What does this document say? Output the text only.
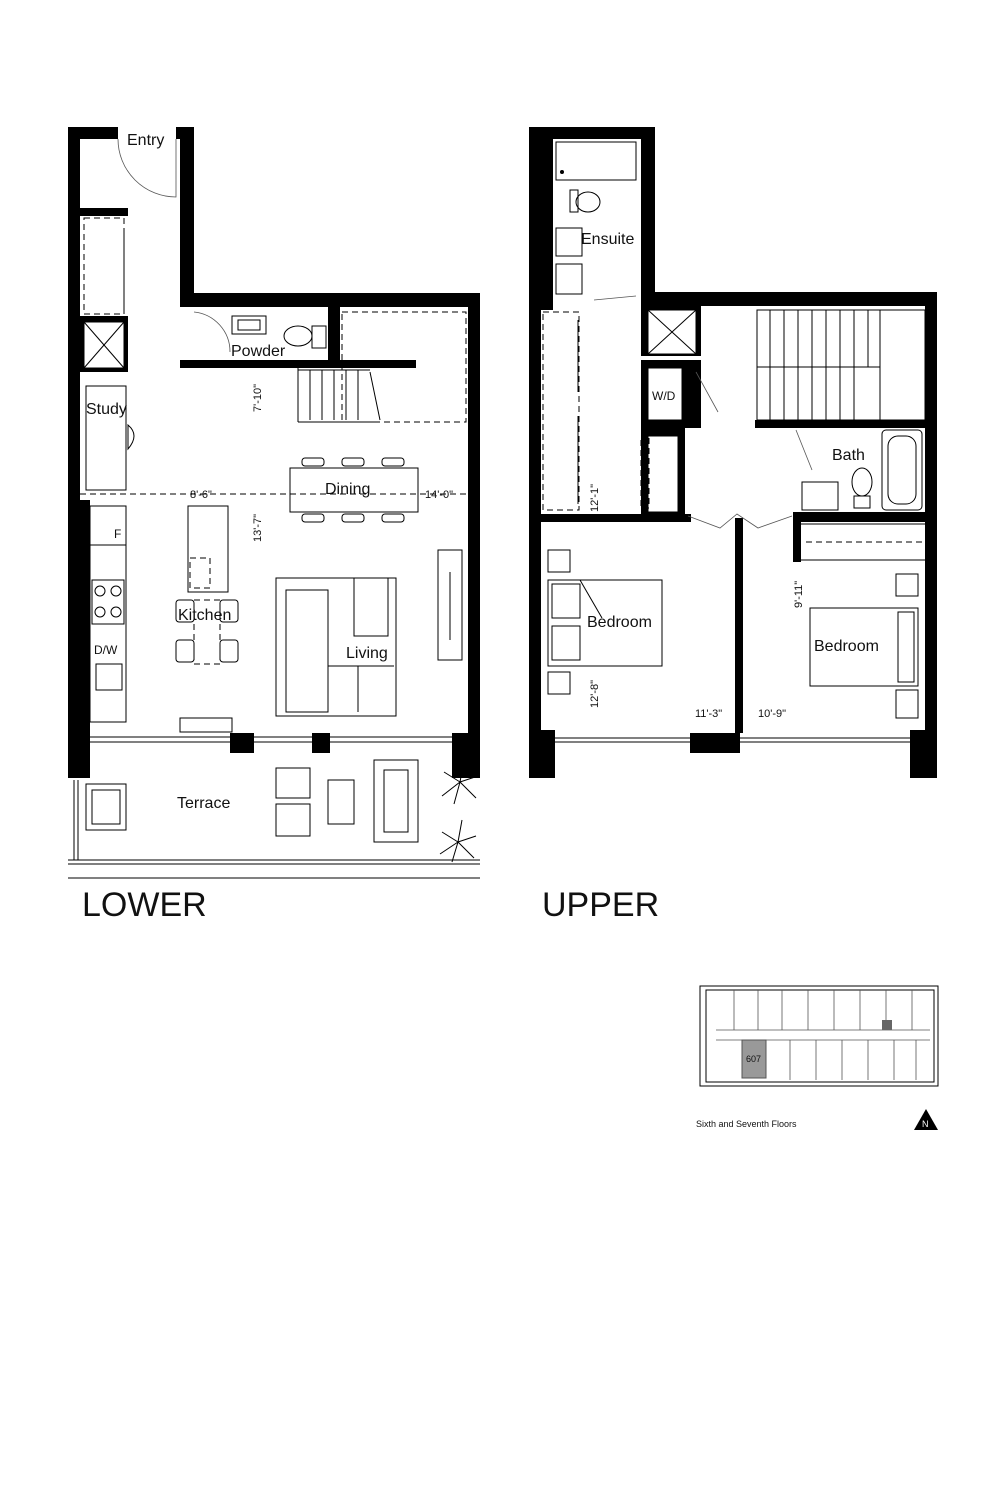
Entry
Powder
Study
Dining
Kitchen
Living
Terrace
F
D/W
8'-6"	14'-0"
7'-10"
13'-7"
LOWER
Ensuite
W/D
Bath
Bedroom
Bedroom
12'-1"
12'-8"
11'-3"	10'-9"
9'-11"
UPPER
607
Sixth and Seventh Floors	N
